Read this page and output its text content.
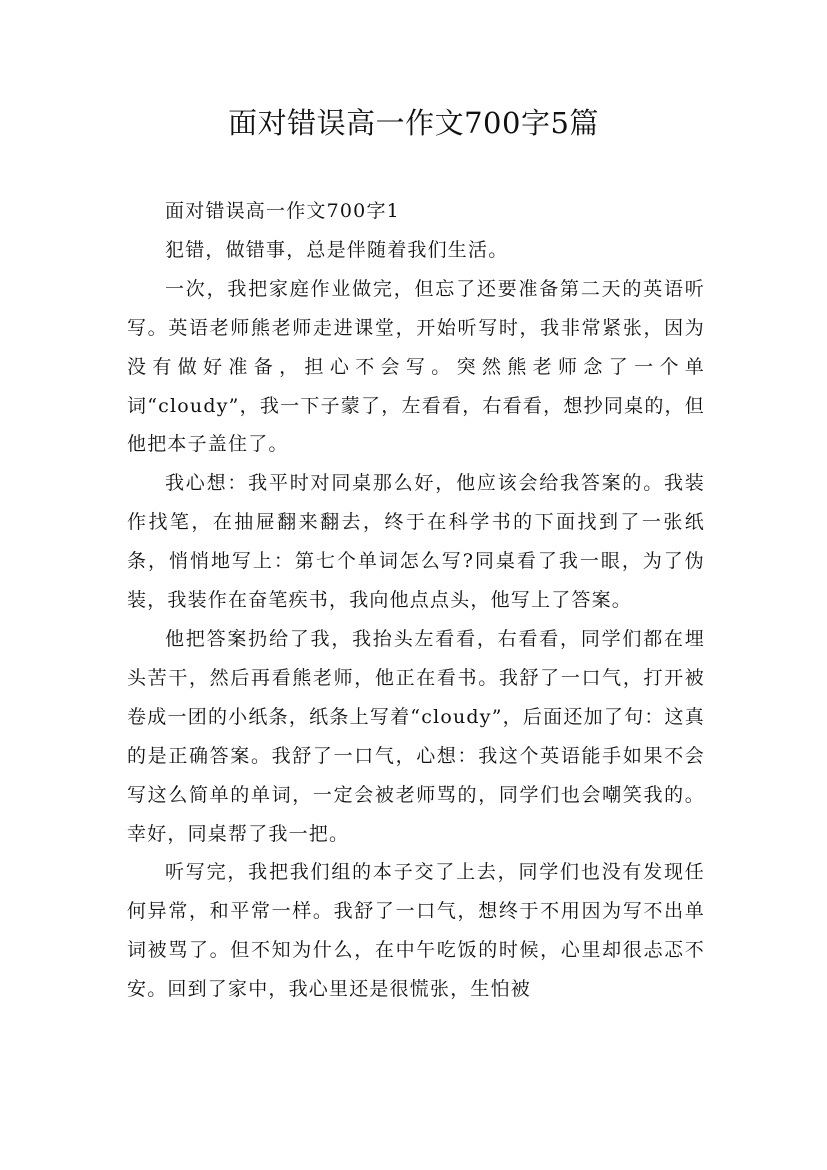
面对错误高一作文700字5篇

面对错误高一作文700字1

犯错，做错事，总是伴随着我们生活。

一次，我把家庭作业做完，但忘了还要准备第二天的英语听写。英语老师熊老师走进课堂，开始听写时，我非常紧张，因为没有做好准备，担心不会写。突然熊老师念了一个单词“cloudy”，我一下子蒙了，左看看，右看看，想抄同桌的，但他把本子盖住了。

我心想：我平时对同桌那么好，他应该会给我答案的。我装作找笔，在抽屉翻来翻去，终于在科学书的下面找到了一张纸条，悄悄地写上：第七个单词怎么写?同桌看了我一眼，为了伪装，我装作在奋笔疾书，我向他点点头，他写上了答案。

他把答案扔给了我，我抬头左看看，右看看，同学们都在埋头苦干，然后再看熊老师，他正在看书。我舒了一口气，打开被卷成一团的小纸条，纸条上写着“cloudy”，后面还加了句：这真的是正确答案。我舒了一口气，心想：我这个英语能手如果不会写这么简单的单词，一定会被老师骂的，同学们也会嘲笑我的。幸好，同桌帮了我一把。

听写完，我把我们组的本子交了上去，同学们也没有发现任何异常，和平常一样。我舒了一口气，想终于不用因为写不出单词被骂了。但不知为什么，在中午吃饭的时候，心里却很忐忑不安。回到了家中，我心里还是很慌张，生怕被
